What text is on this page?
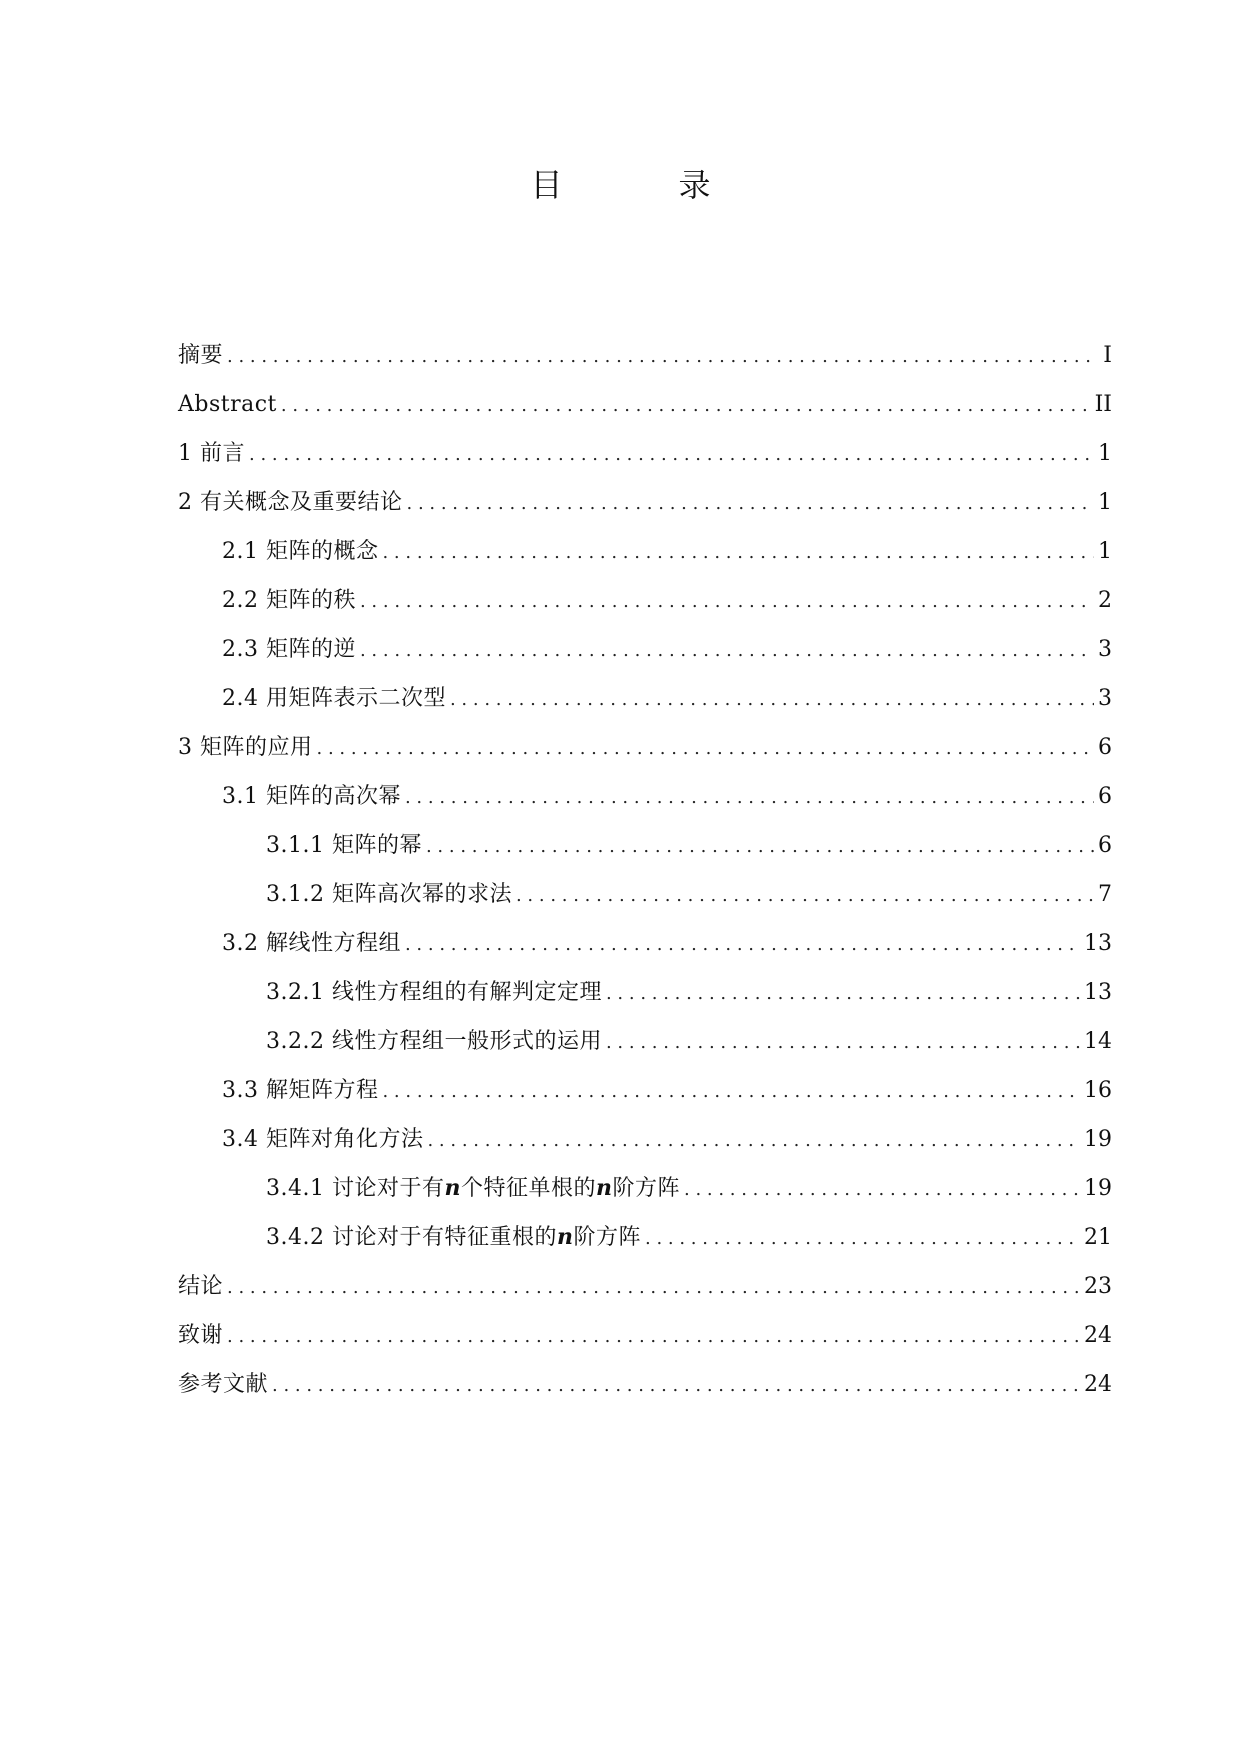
目	录
摘要 . . .	I
Abstract . . .	II
1 前言 . . .	1
2 有关概念及重要结论 . . .	1
2.1 矩阵的概念 . . .	1
2.2 矩阵的秩 . . .	2
2.3 矩阵的逆 . . .	3
2.4 用矩阵表示二次型 . . .	3
3 矩阵的应用 . . .	6
3.1 矩阵的高次幂 . . .	6
3.1.1 矩阵的幂 . . .	6
3.1.2 矩阵高次幂的求法 . . .	7
3.2 解线性方程组 . . .	13
3.2.1 线性方程组的有解判定定理 . . .	13
3.2.2 线性方程组一般形式的运用 . . .	14
3.3 解矩阵方程 . . .	16
3.4 矩阵对角化方法 . . .	19
3.4.1 讨论对于有n个特征单根的n阶方阵 . . .	19
3.4.2 讨论对于有特征重根的n阶方阵 . . .	21
结论 . . .	23
致谢 . . .	24
参考文献 . . .	24
